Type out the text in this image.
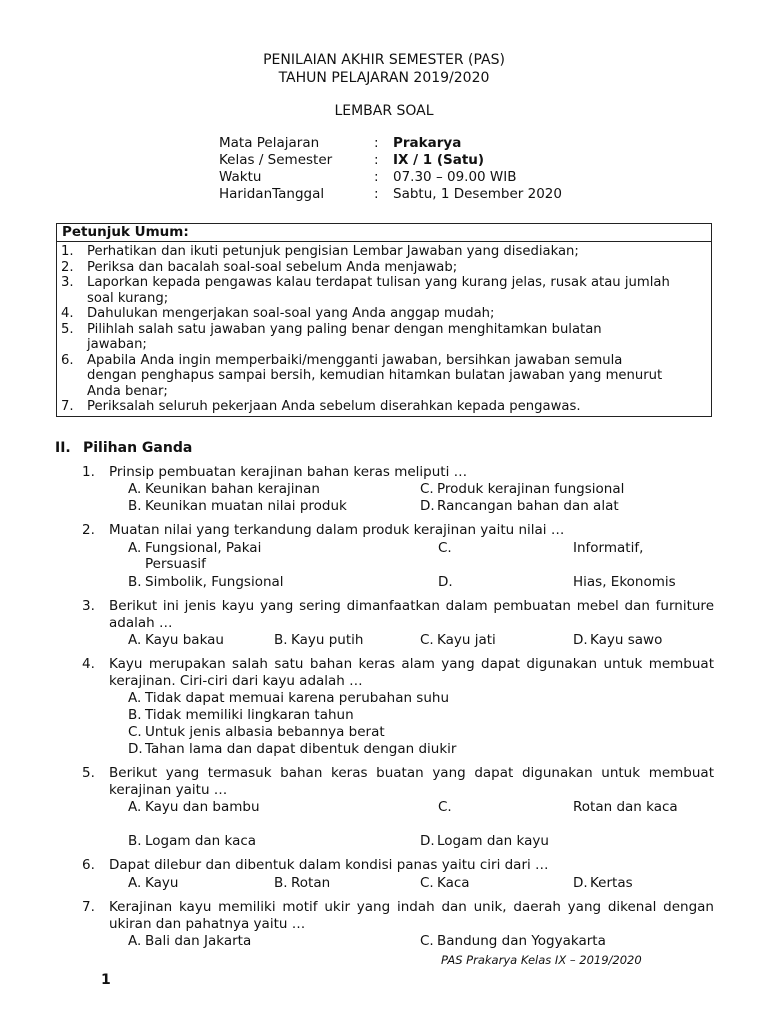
PENILAIAN AKHIR SEMESTER (PAS)
TAHUN PELAJARAN 2019/2020
LEMBAR SOAL
Mata Pelajaran	: Prakarya
Kelas / Semester	: IX / 1 (Satu)
Waktu	: 07.30 – 09.00 WIB
HaridanTanggal	: Sabtu, 1 Desember 2020
Petunjuk Umum:
1. Perhatikan dan ikuti petunjuk pengisian Lembar Jawaban yang disediakan;
2. Periksa dan bacalah soal-soal sebelum Anda menjawab;
3. Laporkan kepada pengawas kalau terdapat tulisan yang kurang jelas, rusak atau jumlah soal kurang;
4. Dahulukan mengerjakan soal-soal yang Anda anggap mudah;
5. Pilihlah salah satu jawaban yang paling benar dengan menghitamkan bulatan jawaban;
6. Apabila Anda ingin memperbaiki/mengganti jawaban, bersihkan jawaban semula dengan penghapus sampai bersih, kemudian hitamkan bulatan jawaban yang menurut Anda benar;
7. Periksalah seluruh pekerjaan Anda sebelum diserahkan kepada pengawas.
II. Pilihan Ganda
1. Prinsip pembuatan kerajinan bahan keras meliputi …
A. Keunikan bahan kerajinan	C. Produk kerajinan fungsional
B. Keunikan muatan nilai produk	D. Rancangan bahan dan alat
2. Muatan nilai yang terkandung dalam produk kerajinan yaitu nilai …
A. Fungsional, Pakai	C.	Informatif,
Persuasif
B. Simbolik, Fungsional	D.	Hias, Ekonomis
3. Berikut ini jenis kayu yang sering dimanfaatkan dalam pembuatan mebel dan furniture adalah …
A. Kayu bakau	B. Kayu putih	C. Kayu jati	D. Kayu sawo
4. Kayu merupakan salah satu bahan keras alam yang dapat digunakan untuk membuat kerajinan. Ciri-ciri dari kayu adalah …
A. Tidak dapat memuai karena perubahan suhu
B. Tidak memiliki lingkaran tahun
C. Untuk jenis albasia bebannya berat
D. Tahan lama dan dapat dibentuk dengan diukir
5. Berikut yang termasuk bahan keras buatan yang dapat digunakan untuk membuat kerajinan yaitu …
A. Kayu dan bambu	C.	Rotan dan kaca
B. Logam dan kaca	D. Logam dan kayu
6. Dapat dilebur dan dibentuk dalam kondisi panas yaitu ciri dari …
A. Kayu	B. Rotan	C. Kaca	D. Kertas
7. Kerajinan kayu memiliki motif ukir yang indah dan unik, daerah yang dikenal dengan ukiran dan pahatnya yaitu …
A. Bali dan Jakarta	C. Bandung dan Yogyakarta
PAS Prakarya Kelas IX – 2019/2020
1
